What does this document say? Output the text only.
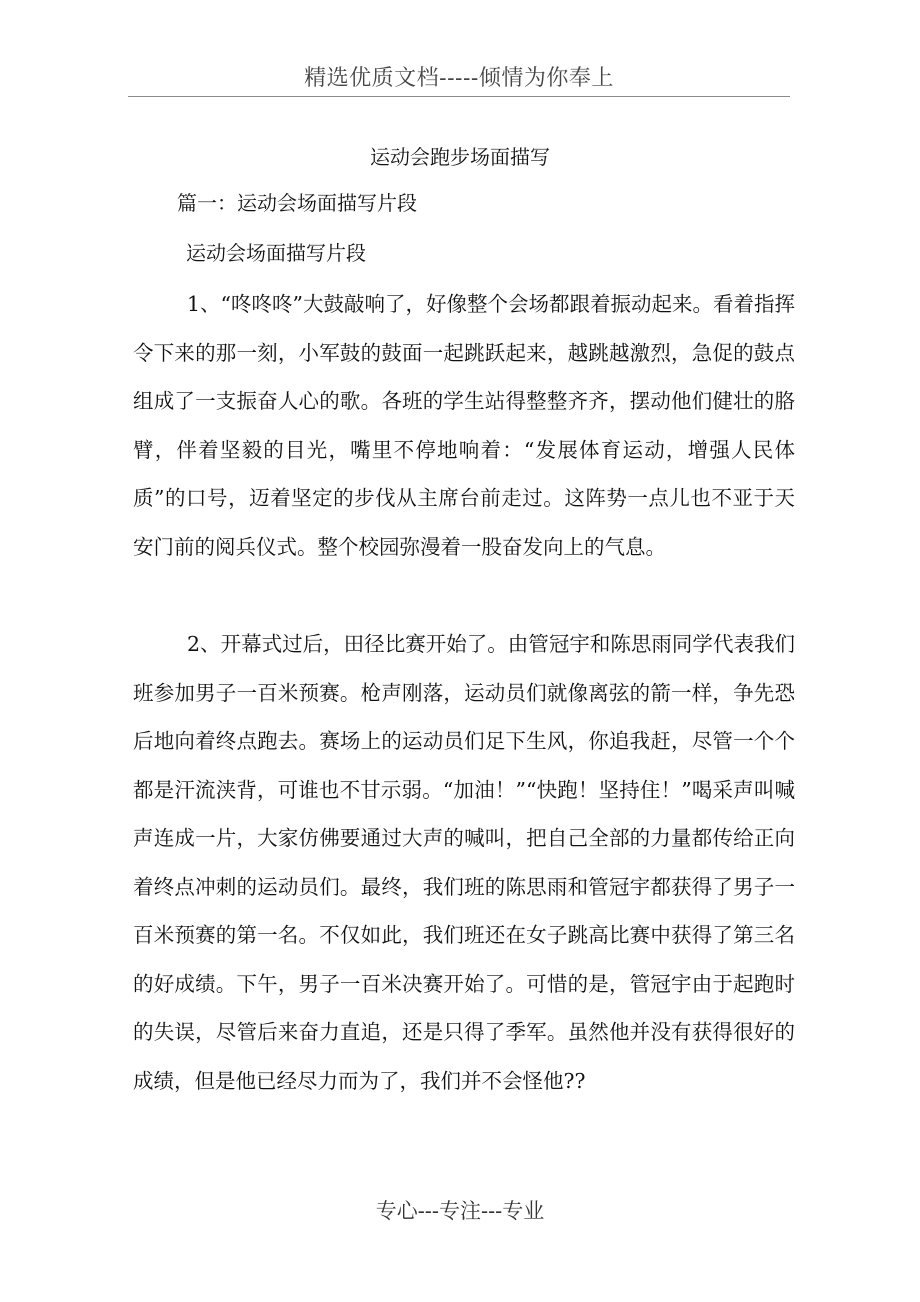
精选优质文档-----倾情为你奉上
运动会跑步场面描写
篇一：运动会场面描写片段
运动会场面描写片段

1、“咚咚咚”大鼓敲响了，好像整个会场都跟着振动起来。看着指挥令下来的那一刻，小军鼓的鼓面一起跳跃起来，越跳越激烈，急促的鼓点组成了一支振奋人心的歌。各班的学生站得整整齐齐，摆动他们健壮的胳臂，伴着坚毅的目光，嘴里不停地响着：“发展体育运动，增强人民体质”的口号，迈着坚定的步伐从主席台前走过。这阵势一点儿也不亚于天安门前的阅兵仪式。整个校园弥漫着一股奋发向上的气息。

2、开幕式过后，田径比赛开始了。由管冠宇和陈思雨同学代表我们班参加男子一百米预赛。枪声刚落，运动员们就像离弦的箭一样，争先恐后地向着终点跑去。赛场上的运动员们足下生风，你追我赶，尽管一个个都是汗流浃背，可谁也不甘示弱。“加油！”“快跑！坚持住！”喝采声叫喊声连成一片，大家仿佛要通过大声的喊叫，把自己全部的力量都传给正向着终点冲刺的运动员们。最终，我们班的陈思雨和管冠宇都获得了男子一百米预赛的第一名。不仅如此，我们班还在女子跳高比赛中获得了第三名的好成绩。下午，男子一百米决赛开始了。可惜的是，管冠宇由于起跑时的失误，尽管后来奋力直追，还是只得了季军。虽然他并没有获得很好的成绩，但是他已经尽力而为了，我们并不会怪他??

专心---专注---专业
